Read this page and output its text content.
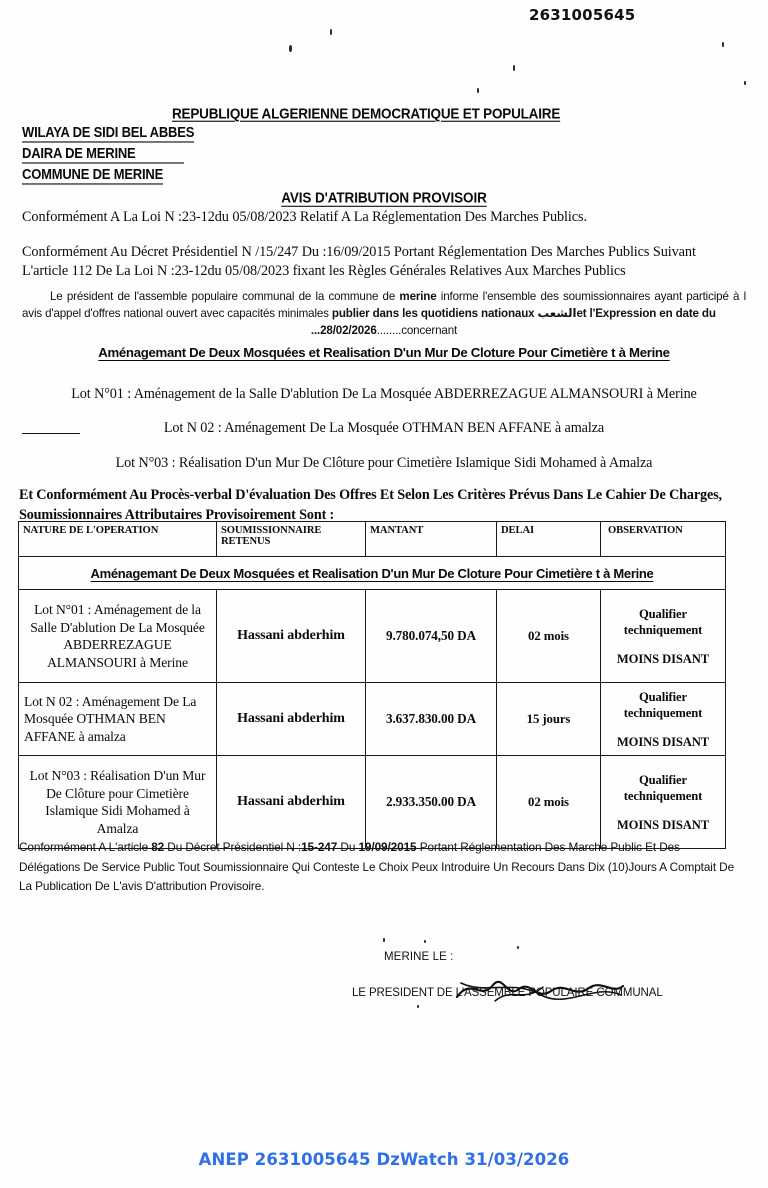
2631005645
REPUBLIQUE ALGERIENNE DEMOCRATIQUE ET POPULAIRE
WILAYA DE SIDI BEL ABBES
DAIRA DE MERINE
COMMUNE DE MERINE
AVIS D'ATRIBUTION PROVISOIR
Conformément A La Loi N :23-12du 05/08/2023 Relatif A La Réglementation Des Marches Publics.
Conformément Au Décret Présidentiel N /15/247 Du :16/09/2015 Portant Réglementation Des Marches Publics Suivant L'article 112 De La Loi N :23-12du 05/08/2023 fixant les Règles Générales Relatives Aux Marches Publics
Le président de l'assemble populaire communal de la commune de merine informe l'ensemble des soumissionnaires ayant participé à l avis d'appel d'offres national ouvert avec capacités minimales publier dans les quotidiens nationaux الشعبet l'Expression en date du
...28/02/2026........concernant
Aménagemant De Deux Mosquées et Realisation D'un Mur De Cloture Pour Cimetière t à Merine
Lot N°01 : Aménagement de la Salle D'ablution De La Mosquée ABDERREZAGUE ALMANSOURI à Merine
Lot N 02 : Aménagement De La Mosquée OTHMAN BEN AFFANE à amalza
Lot N°03 : Réalisation D'un Mur De Clôture pour Cimetière Islamique Sidi Mohamed à Amalza
Et Conformément Au Procès-verbal D'évaluation Des Offres Et Selon Les Critères Prévus Dans Le Cahier De Charges, Soumissionnaires Attributaires Provisoirement Sont :
NATURE DE L'OPERATION	SOUMISSIONNAIRE RETENUS	MANTANT	DELAI	OBSERVATION
Aménagemant De Deux Mosquées et Realisation D'un Mur De Cloture Pour Cimetière t à Merine				
Lot N°01 : Aménagement de la Salle D'ablution De La Mosquée ABDERREZAGUE ALMANSOURI à Merine	Hassani abderhim	9.780.074,50 DA	02 mois	Qualifier techniquement
MOINS DISANT

Lot N 02 : Aménagement De La Mosquée OTHMAN BEN AFFANE à amalza	Hassani abderhim	3.637.830.00 DA	15 jours	Qualifier techniquement
MOINS DISANT

Lot N°03 : Réalisation D'un Mur De Clôture pour Cimetière Islamique Sidi Mohamed à Amalza	Hassani abderhim	2.933.350.00 DA	02 mois	Qualifier techniquement
MOINS DISANT
Conformément A L'article 82 Du Décret Présidentiel N :15-247 Du 19/09/2015 Portant Réglementation Des Marche Public Et Des Délégations De Service Public Tout Soumissionnaire Qui Conteste Le Choix Peux Introduire Un Recours Dans Dix (10)Jours A Comptait De La Publication De L'avis D'attribution Provisoire.
MERINE LE :
LE PRESIDENT DE L'ASSEMBLE POPULAIRE COMMUNAL
ANEP 2631005645 DzWatch 31/03/2026
